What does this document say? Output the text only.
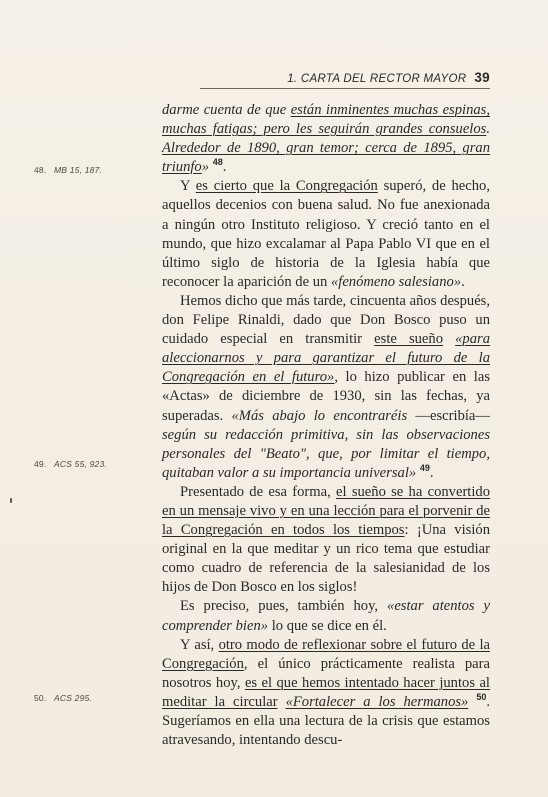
1. CARTA DEL RECTOR MAYOR 39
48. MB 15, 187.
49. ACS 55, 923.
50. ACS 295.

darme cuenta de que están inminentes muchas espinas, muchas fatigas; pero les seguirán grandes consuelos. Alrededor de 1890, gran temor; cerca de 1895, gran triunfo» $^{48}$.

Y es cierto que la Congregación superó, de hecho, aquellos decenios con buena salud. No fue anexionada a ningún otro Instituto religioso. Y creció tanto en el mundo, que hizo excalamar al Papa Pablo VI que en el último siglo de historia de la Iglesia había que reconocer la aparición de un «fenómeno salesiano».

Hemos dicho que más tarde, cincuenta años después, don Felipe Rinaldi, dado que Don Bosco puso un cuidado especial en transmitir este sueño «para aleccionarnos y para garantizar el futuro de la Congregación en el futuro», lo hizo publicar en las «Actas» de diciembre de 1930, sin las fechas, ya superadas. «Más abajo lo encontraréis —escribía— según su redacción primitiva, sin las observaciones personales del "Beato", que, por limitar el tiempo, quitaban valor a su importancia universal» $^{49}$.

Presentado de esa forma, el sueño se ha convertido en un mensaje vivo y en una lección para el porvenir de la Congregación en todos los tiempos: ¡Una visión original en la que meditar y un rico tema que estudiar como cuadro de referencia de la salesianidad de los hijos de Don Bosco en los siglos!

Es preciso, pues, también hoy, «estar atentos y comprender bien» lo que se dice en él.

Y así, otro modo de reflexionar sobre el futuro de la Congregación, el único prácticamente realista para nosotros hoy, es el que hemos intentado hacer juntos al meditar la circular «Fortalecer a los hermanos» $^{50}$. Sugeríamos en ella una lectura de la crisis que estamos atravesando, intentando descu-
